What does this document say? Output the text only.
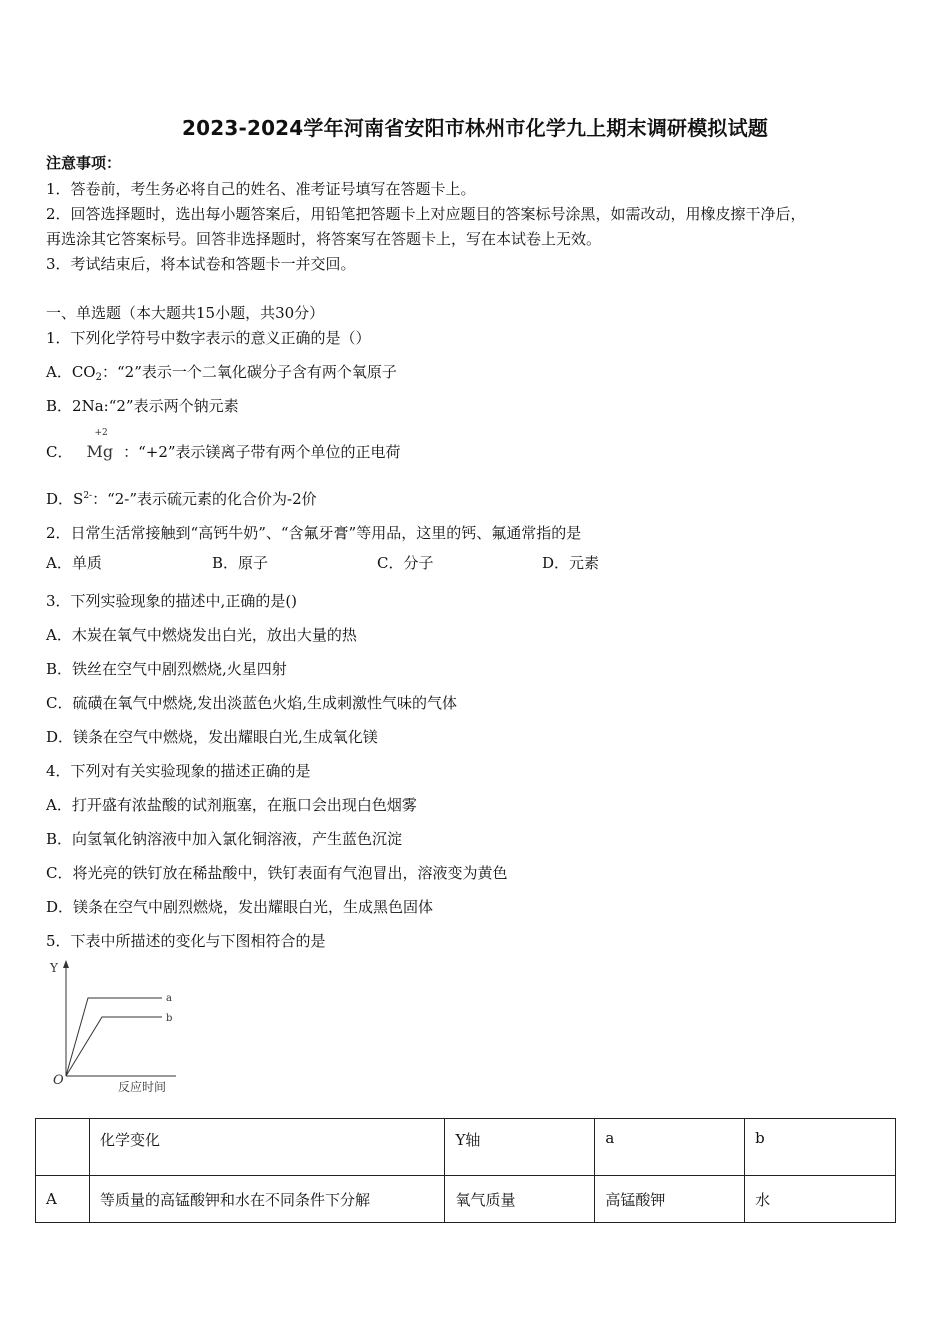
2023-2024学年河南省安阳市林州市化学九上期末调研模拟试题
注意事项：
1．答卷前，考生务必将自己的姓名、准考证号填写在答题卡上。
2．回答选择题时，选出每小题答案后，用铅笔把答题卡上对应题目的答案标号涂黑，如需改动，用橡皮擦干净后，
再选涂其它答案标号。回答非选择题时，将答案写在答题卡上，写在本试卷上无效。
3．考试结束后，将本试卷和答题卡一并交回。
一、单选题（本大题共15小题，共30分）
1．下列化学符号中数字表示的意义正确的是（）
A．$CO_2$：“2”表示一个二氧化碳分子含有两个氧原子
B．2Na:“2”表示两个钠元素
C．
+2
Mg ：“+2”表示镁离子带有两个单位的正电荷
D．$S^{2-}$：“2-”表示硫元素的化合价为-2价
2．日常生活常接触到“高钙牛奶”、“含氟牙膏”等用品，这里的钙、氟通常指的是
A．单质	B．原子	C．分子	D．元素
3．下列实验现象的描述中,正确的是()
A．木炭在氧气中燃烧发出白光，放出大量的热
B．铁丝在空气中剧烈燃烧,火星四射
C．硫磺在氧气中燃烧,发出淡蓝色火焰,生成刺激性气味的气体
D．镁条在空气中燃烧，发出耀眼白光,生成氧化镁
4．下列对有关实验现象的描述正确的是
A．打开盛有浓盐酸的试剂瓶塞，在瓶口会出现白色烟雾
B．向氢氧化钠溶液中加入氯化铜溶液，产生蓝色沉淀
C．将光亮的铁钉放在稀盐酸中，铁钉表面有气泡冒出，溶液变为黄色
D．镁条在空气中剧烈燃烧，发出耀眼白光，生成黑色固体
5．下表中所描述的变化与下图相符合的是
Y
O
a
b
反应时间
	化学变化	Y轴	a	b
A	等质量的高锰酸钾和水在不同条件下分解	氧气质量	高锰酸钾	水
